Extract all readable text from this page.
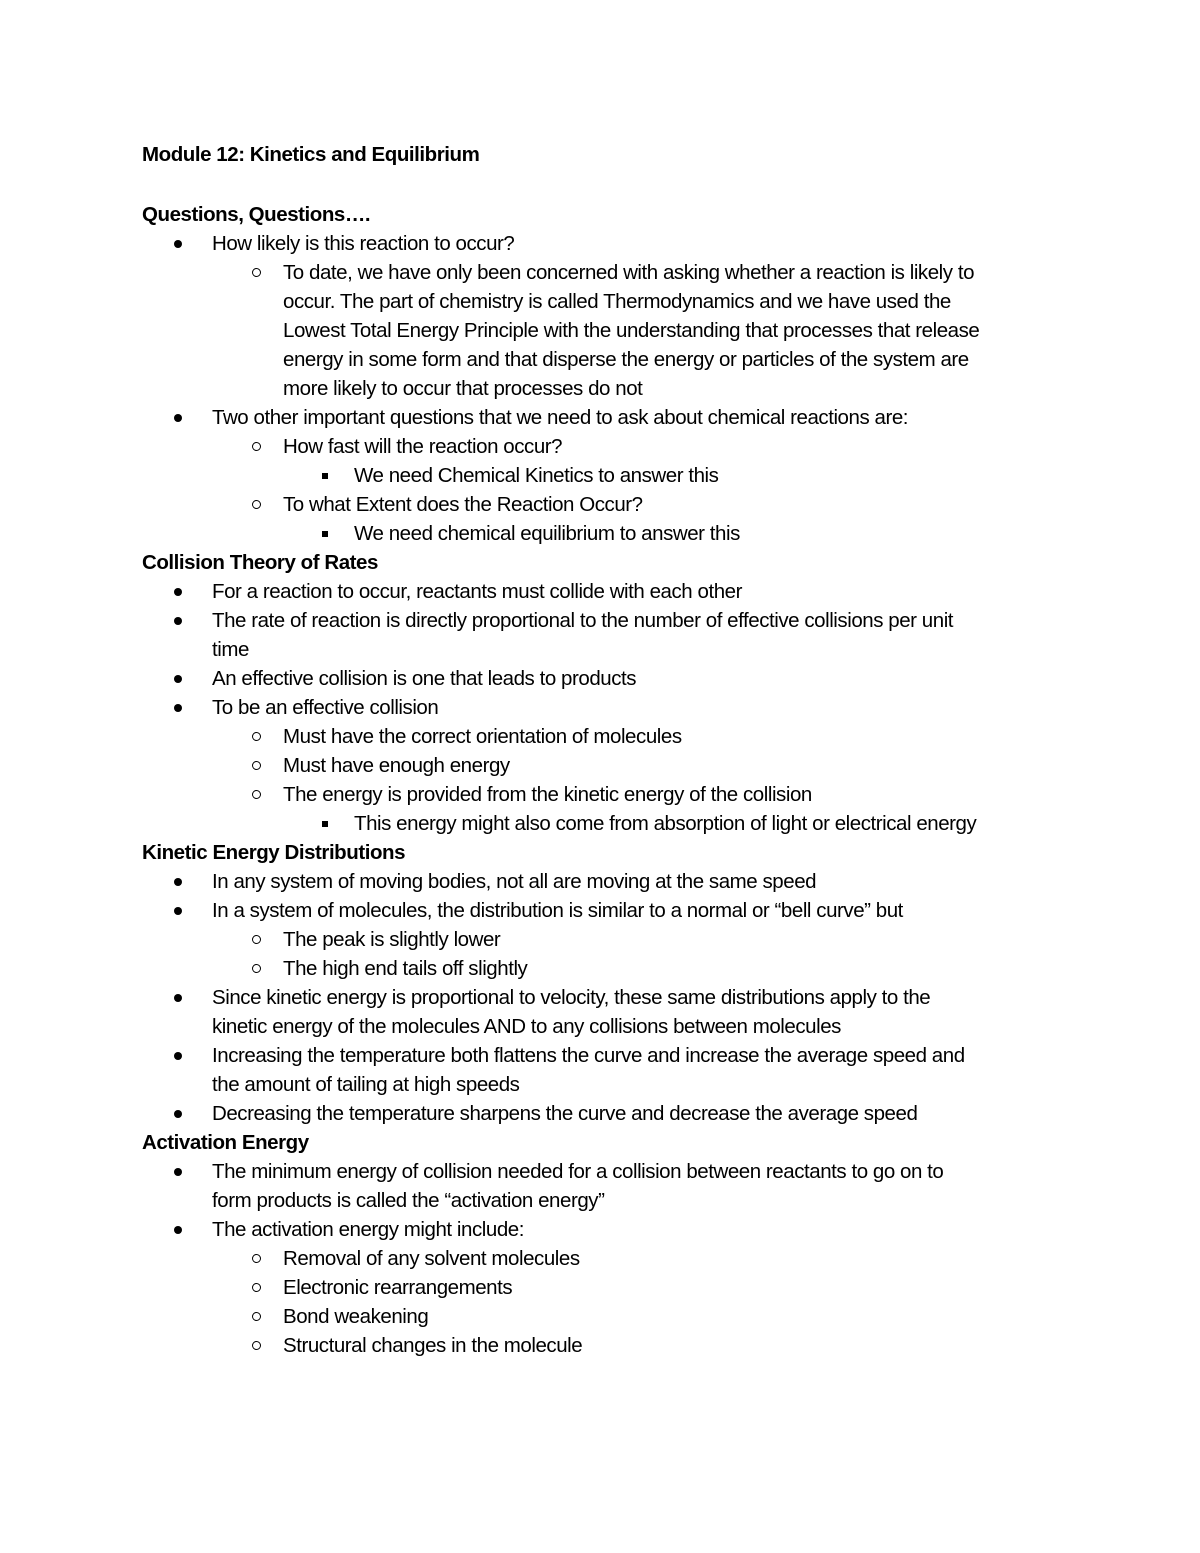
Module 12: Kinetics and Equilibrium
Questions, Questions….
How likely is this reaction to occur?
To date, we have only been concerned with asking whether a reaction is likely to
occur. The part of chemistry is called Thermodynamics and we have used the
Lowest Total Energy Principle with the understanding that processes that release
energy in some form and that disperse the energy or particles of the system are
more likely to occur that processes do not
Two other important questions that we need to ask about chemical reactions are:
How fast will the reaction occur?
We need Chemical Kinetics to answer this
To what Extent does the Reaction Occur?
We need chemical equilibrium to answer this
Collision Theory of Rates
For a reaction to occur, reactants must collide with each other
The rate of reaction is directly proportional to the number of effective collisions per unit
time
An effective collision is one that leads to products
To be an effective collision
Must have the correct orientation of molecules
Must have enough energy
The energy is provided from the kinetic energy of the collision
This energy might also come from absorption of light or electrical energy
Kinetic Energy Distributions
In any system of moving bodies, not all are moving at the same speed
In a system of molecules, the distribution is similar to a normal or “bell curve” but
The peak is slightly lower
The high end tails off slightly
Since kinetic energy is proportional to velocity, these same distributions apply to the
kinetic energy of the molecules AND to any collisions between molecules
Increasing the temperature both flattens the curve and increase the average speed and
the amount of tailing at high speeds
Decreasing the temperature sharpens the curve and decrease the average speed
Activation Energy
The minimum energy of collision needed for a collision between reactants to go on to
form products is called the “activation energy”
The activation energy might include:
Removal of any solvent molecules
Electronic rearrangements
Bond weakening
Structural changes in the molecule
